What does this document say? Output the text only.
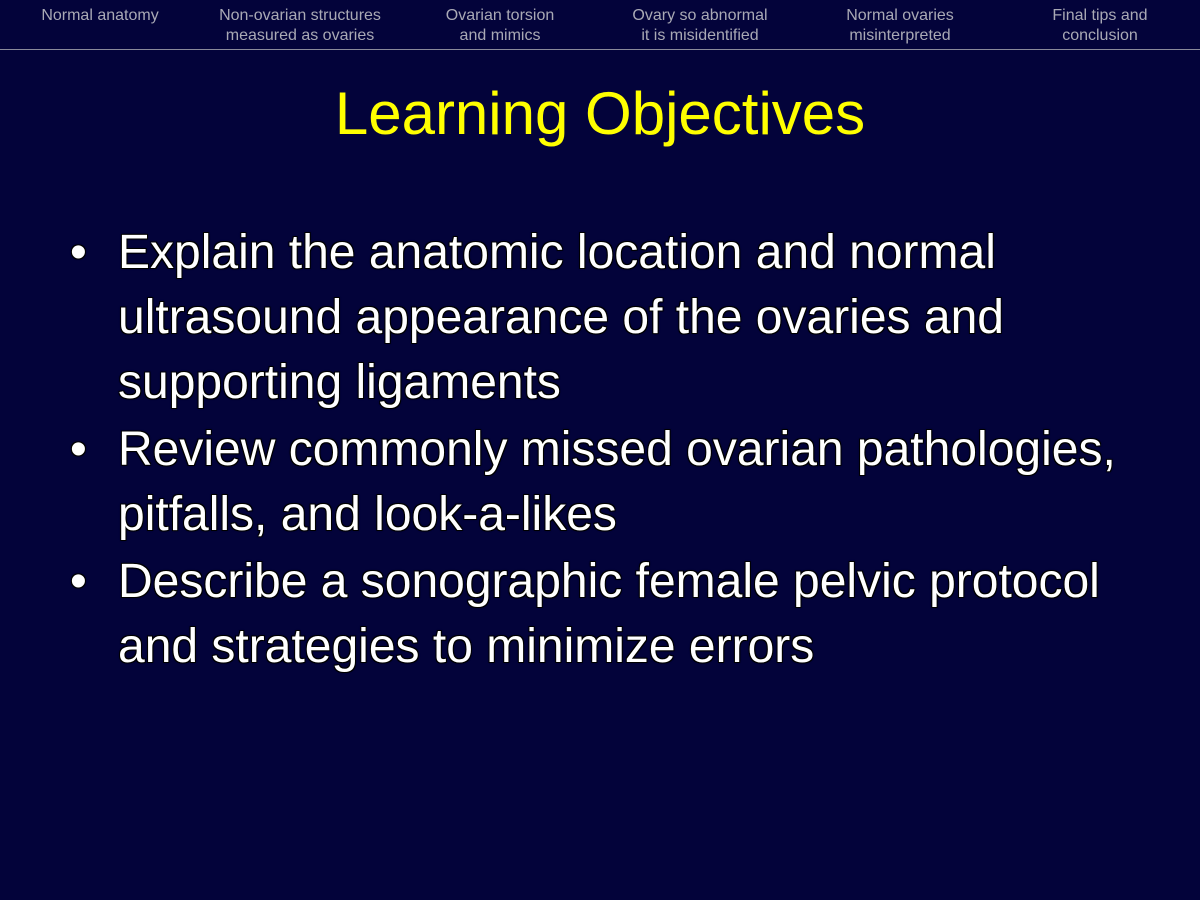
Normal anatomy	Non-ovarian structures
measured as ovaries
Ovarian torsion
and mimics
Ovary so abnormal
it is misidentified
Normal ovaries
misinterpreted
Final tips and
conclusion
Learning Objectives
• Explain the anatomic location and normal ultrasound appearance of the ovaries and supporting ligaments
• Review commonly missed ovarian pathologies, pitfalls, and look-a-likes
• Describe a sonographic female pelvic protocol and strategies to minimize errors
